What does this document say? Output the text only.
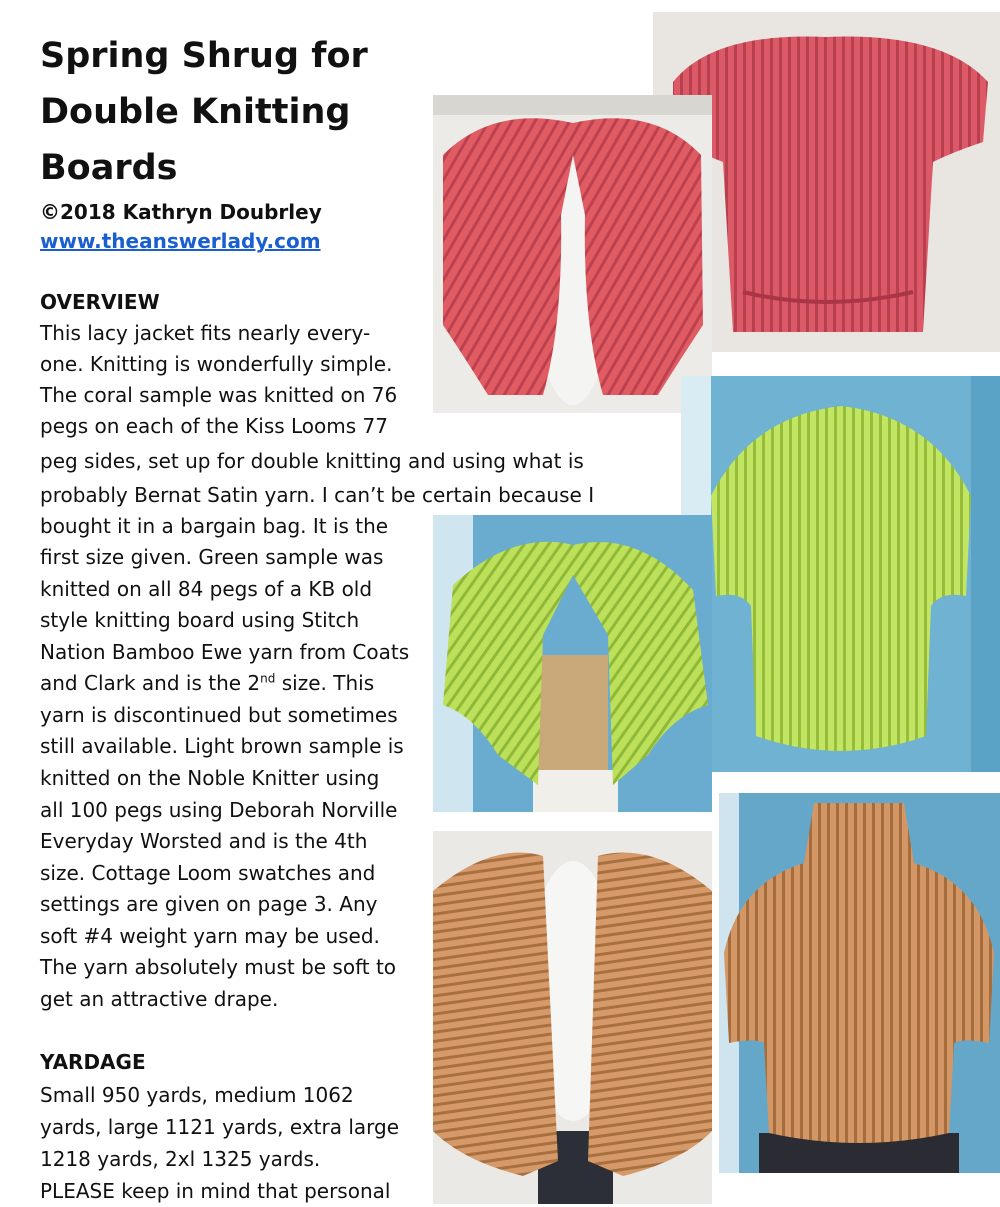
Spring Shrug for Double Knitting Boards
©2018 Kathryn Doubrley
www.theanswerlady.com
OVERVIEW
This lacy jacket fits nearly every-
one. Knitting is wonderfully simple.
The coral sample was knitted on 76
pegs on each of the Kiss Looms 77
peg sides, set up for double knitting and using what is
probably Bernat Satin yarn. I can’t be certain because I
bought it in a bargain bag. It is the
first size given. Green sample was
knitted on all 84 pegs of a KB old
style knitting board using Stitch
Nation Bamboo Ewe yarn from Coats
and Clark and is the 2nd size. This
yarn is discontinued but sometimes
still available. Light brown sample is
knitted on the Noble Knitter using
all 100 pegs using Deborah Norville
Everyday Worsted and is the 4th
size. Cottage Loom swatches and
settings are given on page 3. Any
soft #4 weight yarn may be used.
The yarn absolutely must be soft to
get an attractive drape.
YARDAGE
Small 950 yards, medium 1062
yards, large 1121 yards, extra large
1218 yards, 2xl 1325 yards.
PLEASE keep in mind that personal
